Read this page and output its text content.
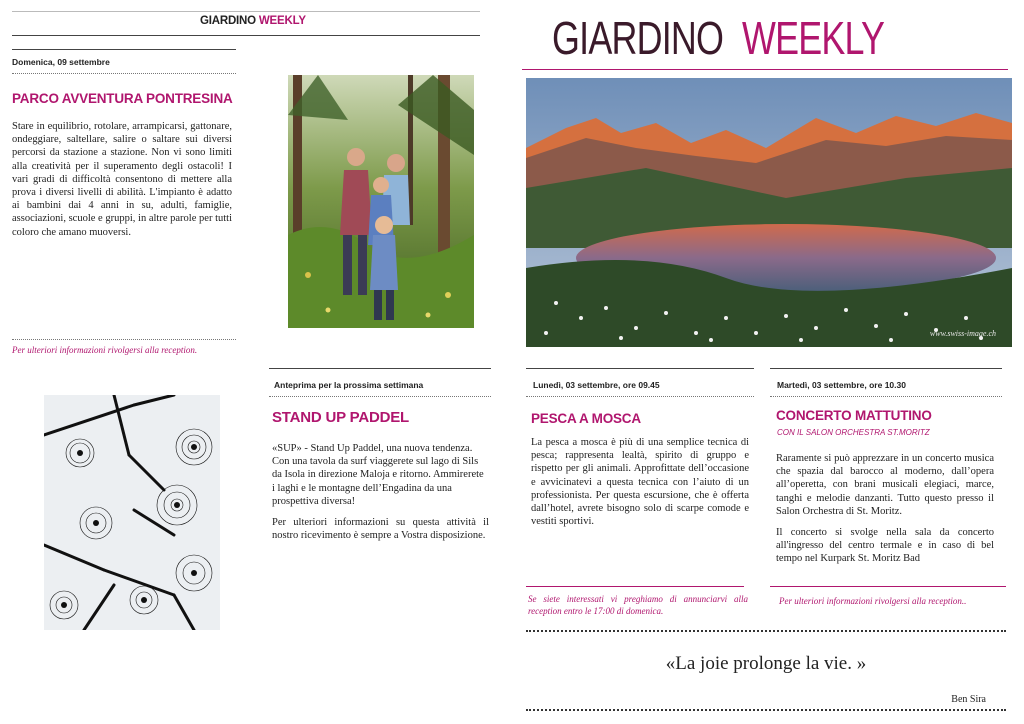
GIARDINO WEEKLY
Domenica, 09 settembre
PARCO AVVENTURA PONTRESINA
Stare in equilibrio, rotolare, arrampicarsi, gattonare, ondeggiare, saltellare, salire o saltare sui diversi percorsi da stazione a stazione. Non vi sono limiti alla creatività per il superamento degli ostacoli! I vari gradi di difficoltà consentono di mettere alla prova i diversi livelli di abilità. L'impianto è adatto ai bambini dai 4 anni in su, adulti, famiglie, associazioni, scuole e gruppi, in altre parole per tutti coloro che amano muoversi.
Per ulteriori informazioni rivolgersi alla reception.
Anteprima per la prossima settimana
STAND UP PADDEL
«SUP» - Stand Up Paddel, una nuova tendenza. Con una tavola da surf viaggerete sul lago di Sils da Isola in direzione Maloja e ritorno. Ammirerete i laghi e le montagne dell’Engadina da una prospettiva diversa!
Per ulteriori informazioni su questa attività il nostro ricevimento è sempre a Vostra disposizione.
GIARDINO WEEKLY
www.swiss-image.ch
Lunedì, 03 settembre, ore 09.45
PESCA A MOSCA
La pesca a mosca è più di una semplice tecnica di pesca; rappresenta lealtà, spirito di gruppo e rispetto per gli animali. Approfittate dell’occasione e avvicinatevi a questa tecnica con l’aiuto di un professionista. Per questa escursione, che è offerta dall’hotel, avrete bisogno solo di scarpe comode e vestiti sportivi.
Se siete interessati vi preghiamo di annunciarvi alla reception entro le 17:00 di domenica.
Martedì, 03 settembre, ore 10.30
CONCERTO MATTUTINO
CON IL SALON ORCHESTRA ST.MORITZ
Raramente si può apprezzare in un concerto musica che spazia dal barocco al moderno, dall’opera all’operetta, con brani musicali elegiaci, marce, tanghi e melodie danzanti. Tutto questo presso il Salon Orchestra di St. Moritz.
Il concerto si svolge nella sala da concerto all'ingresso del centro termale e in caso di bel tempo nel Kurpark St. Moritz Bad
Per ulteriori informazioni rivolgersi alla reception..
«La joie prolonge la vie. »
Ben Sira
